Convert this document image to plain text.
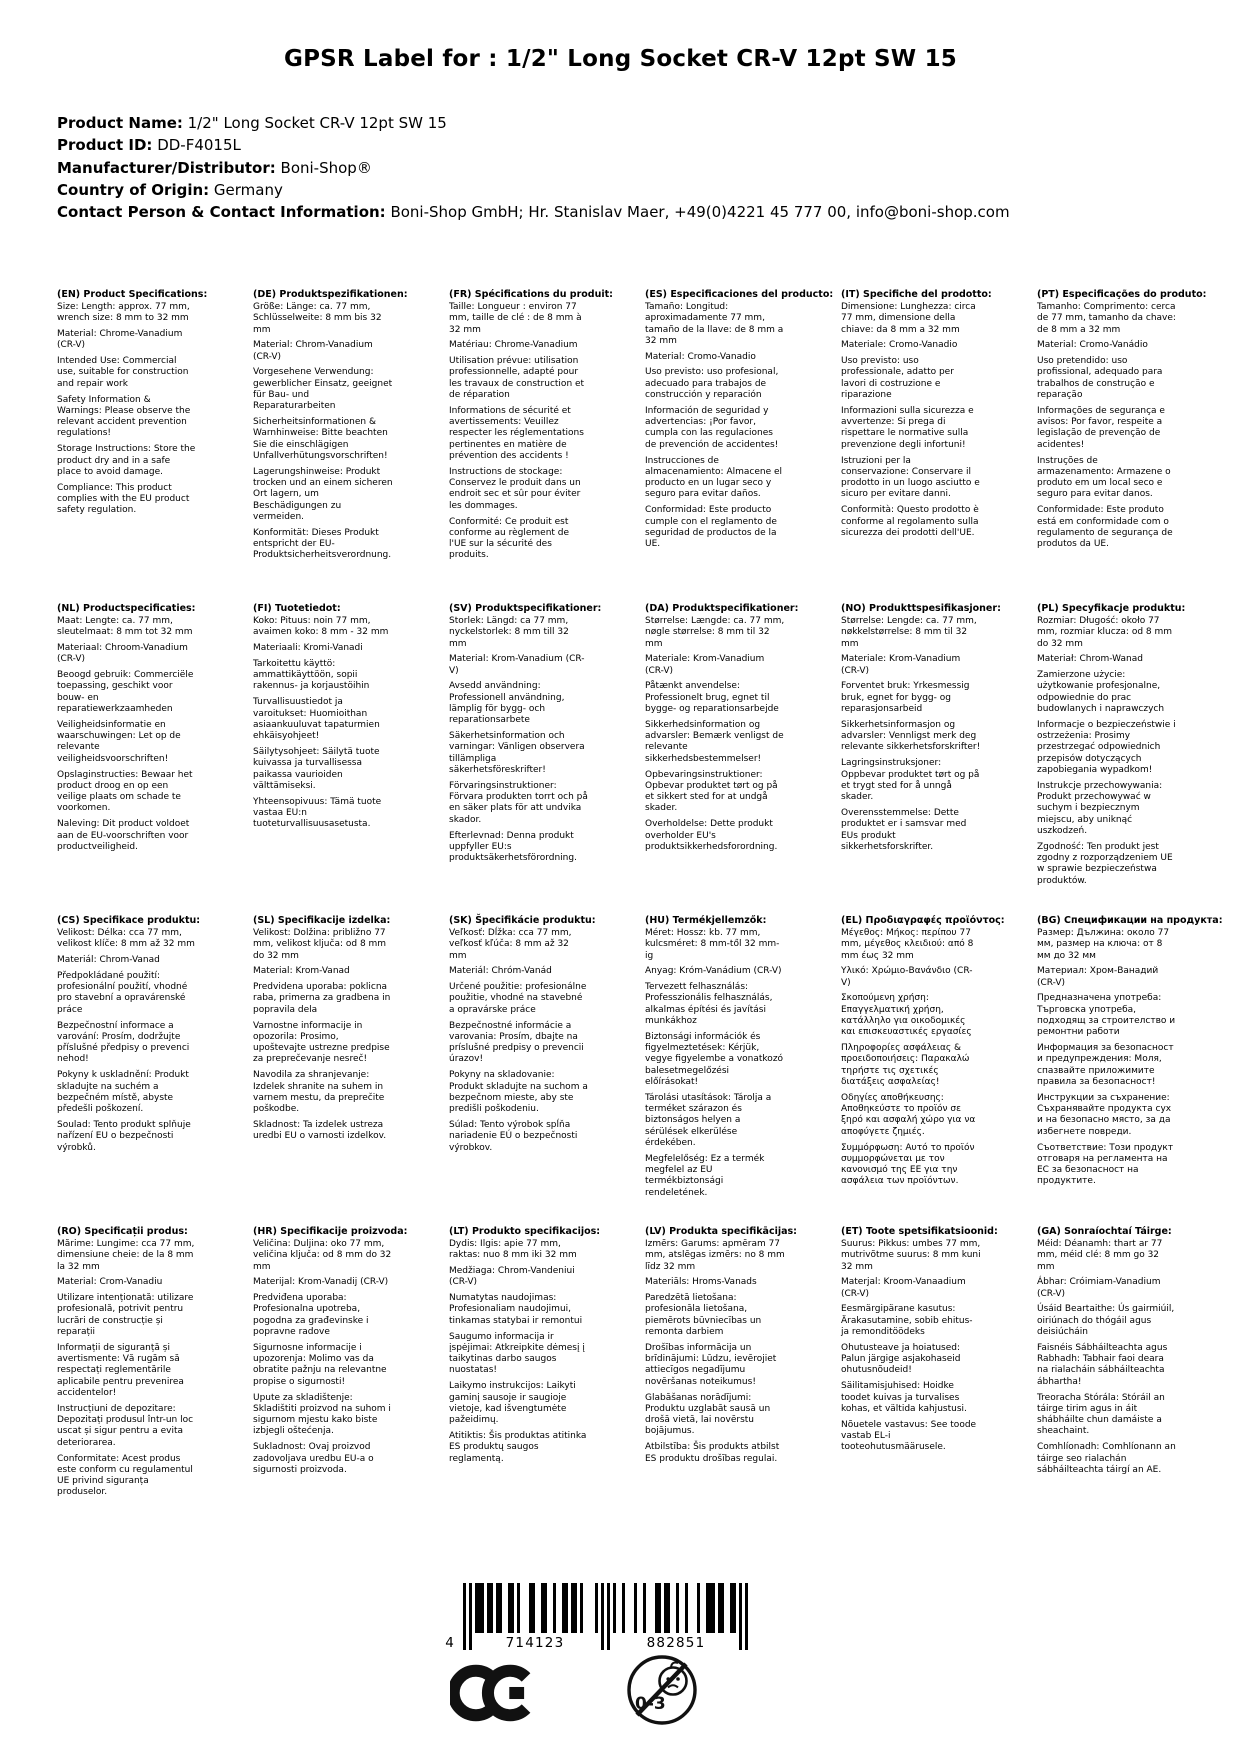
GPSR Label for : 1/2" Long Socket CR-V 12pt SW 15
Product Name: 1/2" Long Socket CR-V 12pt SW 15
Product ID: DD-F4015L
Manufacturer/Distributor: Boni-Shop®
Country of Origin: Germany
Contact Person & Contact Information: Boni-Shop GmbH; Hr. Stanislav Maer, +49(0)4221 45 777 00, info@boni-shop.com
(EN) Product Specifications:

Size: Length: approx. 77 mm, wrench size: 8 mm to 32 mm

Material: Chrome-Vanadium (CR-V)

Intended Use: Commercial use, suitable for construction and repair work

Safety Information & Warnings: Please observe the relevant accident prevention regulations!

Storage Instructions: Store the product dry and in a safe place to avoid damage.

Compliance: This product complies with the EU product safety regulation.

(DE) Produktspezifikationen:

Größe: Länge: ca. 77 mm, Schlüsselweite: 8 mm bis 32 mm

Material: Chrom-Vanadium (CR-V)

Vorgesehene Verwendung: gewerblicher Einsatz, geeignet für Bau- und Reparaturarbeiten

Sicherheitsinformationen & Warnhinweise: Bitte beachten Sie die einschlägigen Unfallverhütungsvorschriften!

Lagerungshinweise: Produkt trocken und an einem sicheren Ort lagern, um Beschädigungen zu vermeiden.

Konformität: Dieses Produkt entspricht der EU-Produktsicherheitsverordnung.

(FR) Spécifications du produit:

Taille: Longueur : environ 77 mm, taille de clé : de 8 mm à 32 mm

Matériau: Chrome-Vanadium

Utilisation prévue: utilisation professionnelle, adapté pour les travaux de construction et de réparation

Informations de sécurité et avertissements: Veuillez respecter les réglementations pertinentes en matière de prévention des accidents !

Instructions de stockage: Conservez le produit dans un endroit sec et sûr pour éviter les dommages.

Conformité: Ce produit est conforme au règlement de l'UE sur la sécurité des produits.

(ES) Especificaciones del producto:

Tamaño: Longitud: aproximadamente 77 mm, tamaño de la llave: de 8 mm a 32 mm

Material: Cromo-Vanadio

Uso previsto: uso profesional, adecuado para trabajos de construcción y reparación

Información de seguridad y advertencias: ¡Por favor, cumpla con las regulaciones de prevención de accidentes!

Instrucciones de almacenamiento: Almacene el producto en un lugar seco y seguro para evitar daños.

Conformidad: Este producto cumple con el reglamento de seguridad de productos de la UE.

(IT) Specifiche del prodotto:

Dimensione: Lunghezza: circa 77 mm, dimensione della chiave: da 8 mm a 32 mm

Materiale: Cromo-Vanadio

Uso previsto: uso professionale, adatto per lavori di costruzione e riparazione

Informazioni sulla sicurezza e avvertenze: Si prega di rispettare le normative sulla prevenzione degli infortuni!

Istruzioni per la conservazione: Conservare il prodotto in un luogo asciutto e sicuro per evitare danni.

Conformità: Questo prodotto è conforme al regolamento sulla sicurezza dei prodotti dell'UE.

(PT) Especificações do produto:

Tamanho: Comprimento: cerca de 77 mm, tamanho da chave: de 8 mm a 32 mm

Material: Cromo-Vanádio

Uso pretendido: uso profissional, adequado para trabalhos de construção e reparação

Informações de segurança e avisos: Por favor, respeite a legislação de prevenção de acidentes!

Instruções de armazenamento: Armazene o produto em um local seco e seguro para evitar danos.

Conformidade: Este produto está em conformidade com o regulamento de segurança de produtos da UE.

(NL) Productspecificaties:

Maat: Lengte: ca. 77 mm, sleutelmaat: 8 mm tot 32 mm

Materiaal: Chroom-Vanadium (CR-V)

Beoogd gebruik: Commerciële toepassing, geschikt voor bouw- en reparatiewerkzaamheden

Veiligheidsinformatie en waarschuwingen: Let op de relevante veiligheidsvoorschriften!

Opslaginstructies: Bewaar het product droog en op een veilige plaats om schade te voorkomen.

Naleving: Dit product voldoet aan de EU-voorschriften voor productveiligheid.

(FI) Tuotetiedot:

Koko: Pituus: noin 77 mm, avaimen koko: 8 mm - 32 mm

Materiaali: Kromi-Vanadi

Tarkoitettu käyttö: ammattikäyttöön, sopii rakennus- ja korjaustöihin

Turvallisuustiedot ja varoitukset: Huomioithan asiaankuuluvat tapaturmien ehkäisyohjeet!

Säilytysohjeet: Säilytä tuote kuivassa ja turvallisessa paikassa vaurioiden välttämiseksi.

Yhteensopivuus: Tämä tuote vastaa EU:n tuoteturvallisuusasetusta.

(SV) Produktspecifikationer:

Storlek: Längd: ca 77 mm, nyckelstorlek: 8 mm till 32 mm

Material: Krom-Vanadium (CR-V)

Avsedd användning: Professionell användning, lämplig för bygg- och reparationsarbete

Säkerhetsinformation och varningar: Vänligen observera tillämpliga säkerhetsföreskrifter!

Förvaringsinstruktioner: Förvara produkten torrt och på en säker plats för att undvika skador.

Efterlevnad: Denna produkt uppfyller EU:s produktsäkerhetsförordning.

(DA) Produktspecifikationer:

Størrelse: Længde: ca. 77 mm, nøgle størrelse: 8 mm til 32 mm

Materiale: Krom-Vanadium (CR-V)

Påtænkt anvendelse: Professionelt brug, egnet til bygge- og reparationsarbejde

Sikkerhedsinformation og advarsler: Bemærk venligst de relevante sikkerhedsbestemmelser!

Opbevaringsinstruktioner: Opbevar produktet tørt og på et sikkert sted for at undgå skader.

Overholdelse: Dette produkt overholder EU's produktsikkerhedsforordning.

(NO) Produkttspesifikasjoner:

Størrelse: Lengde: ca. 77 mm, nøkkelstørrelse: 8 mm til 32 mm

Materiale: Krom-Vanadium (CR-V)

Forventet bruk: Yrkesmessig bruk, egnet for bygg- og reparasjonsarbeid

Sikkerhetsinformasjon og advarsler: Vennligst merk deg relevante sikkerhetsforskrifter!

Lagringsinstruksjoner: Oppbevar produktet tørt og på et trygt sted for å unngå skader.

Overensstemmelse: Dette produktet er i samsvar med EUs produkt sikkerhetsforskrifter.

(PL) Specyfikacje produktu:

Rozmiar: Długość: około 77 mm, rozmiar klucza: od 8 mm do 32 mm

Materiał: Chrom-Wanad

Zamierzone użycie: użytkowanie profesjonalne, odpowiednie do prac budowlanych i naprawczych

Informacje o bezpieczeństwie i ostrzeżenia: Prosimy przestrzegać odpowiednich przepisów dotyczących zapobiegania wypadkom!

Instrukcje przechowywania: Produkt przechowywać w suchym i bezpiecznym miejscu, aby uniknąć uszkodzeń.

Zgodność: Ten produkt jest zgodny z rozporządzeniem UE w sprawie bezpieczeństwa produktów.

(CS) Specifikace produktu:

Velikost: Délka: cca 77 mm, velikost klíče: 8 mm až 32 mm

Materiál: Chrom-Vanad

Předpokládané použití: profesionální použití, vhodné pro stavební a opravárenské práce

Bezpečnostní informace a varování: Prosím, dodržujte příslušné předpisy o prevenci nehod!

Pokyny k uskladnění: Produkt skladujte na suchém a bezpečném místě, abyste předešli poškození.

Soulad: Tento produkt splňuje nařízení EU o bezpečnosti výrobků.

(SL) Specifikacije izdelka:

Velikost: Dolžina: približno 77 mm, velikost ključa: od 8 mm do 32 mm

Material: Krom-Vanad

Predvidena uporaba: poklicna raba, primerna za gradbena in popravila dela

Varnostne informacije in opozorila: Prosimo, upoštevajte ustrezne predpise za preprečevanje nesreč!

Navodila za shranjevanje: Izdelek shranite na suhem in varnem mestu, da preprečite poškodbe.

Skladnost: Ta izdelek ustreza uredbi EU o varnosti izdelkov.

(SK) Špecifikácie produktu:

Veľkosť: Dĺžka: cca 77 mm, veľkosť kľúča: 8 mm až 32 mm

Materiál: Chróm-Vanád

Určené použitie: profesionálne použitie, vhodné na stavebné a opravárske práce

Bezpečnostné informácie a varovania: Prosím, dbajte na príslušné predpisy o prevencii úrazov!

Pokyny na skladovanie: Produkt skladujte na suchom a bezpečnom mieste, aby ste predišli poškodeniu.

Súlad: Tento výrobok spĺňa nariadenie EÚ o bezpečnosti výrobkov.

(HU) Termékjellemzők:

Méret: Hossz: kb. 77 mm, kulcsméret: 8 mm-től 32 mm-ig

Anyag: Króm-Vanádium (CR-V)

Tervezett felhasználás: Professzionális felhasználás, alkalmas építési és javítási munkákhoz

Biztonsági információk és figyelmeztetések: Kérjük, vegye figyelembe a vonatkozó balesetmegelőzési előírásokat!

Tárolási utasítások: Tárolja a terméket szárazon és biztonságos helyen a sérülések elkerülése érdekében.

Megfelelőség: Ez a termék megfelel az EU termékbiztonsági rendeletének.

(EL) Προδιαγραφές προϊόντος:

Μέγεθος: Μήκος: περίπου 77 mm, μέγεθος κλειδιού: από 8 mm έως 32 mm

Υλικό: Χρώμιο-Βανάνδιο (CR-V)

Σκοπούμενη χρήση: Επαγγελματική χρήση, κατάλληλο για οικοδομικές και επισκευαστικές εργασίες

Πληροφορίες ασφάλειας & προειδοποιήσεις: Παρακαλώ τηρήστε τις σχετικές διατάξεις ασφαλείας!

Οδηγίες αποθήκευσης: Αποθηκεύστε το προϊόν σε ξηρό και ασφαλή χώρο για να αποφύγετε ζημιές.

Συμμόρφωση: Αυτό το προϊόν συμμορφώνεται με τον κανονισμό της ΕΕ για την ασφάλεια των προϊόντων.

(BG) Спецификации на продукта:

Размер: Дължина: около 77 мм, размер на ключа: от 8 мм до 32 мм

Материал: Хром-Ванадий (CR-V)

Предназначена употреба: Търговска употреба, подходящ за строителство и ремонтни работи

Информация за безопасност и предупреждения: Моля, спазвайте приложимите правила за безопасност!

Инструкции за съхранение: Съхранявайте продукта сух и на безопасно място, за да избегнете повреди.

Съответствие: Този продукт отговаря на регламента на ЕС за безопасност на продуктите.

(RO) Specificații produs:

Mărime: Lungime: cca 77 mm, dimensiune cheie: de la 8 mm la 32 mm

Material: Crom-Vanadiu

Utilizare intenționată: utilizare profesională, potrivit pentru lucrări de construcție și reparații

Informații de siguranță și avertismente: Vă rugăm să respectați reglementările aplicabile pentru prevenirea accidentelor!

Instrucțiuni de depozitare: Depozitați produsul într-un loc uscat și sigur pentru a evita deteriorarea.

Conformitate: Acest produs este conform cu regulamentul UE privind siguranța produselor.

(HR) Specifikacije proizvoda:

Veličina: Duljina: oko 77 mm, veličina ključa: od 8 mm do 32 mm

Materijal: Krom-Vanadij (CR-V)

Predviđena uporaba: Profesionalna upotreba, pogodna za građevinske i popravne radove

Sigurnosne informacije i upozorenja: Molimo vas da obratite pažnju na relevantne propise o sigurnosti!

Upute za skladištenje: Skladištiti proizvod na suhom i sigurnom mjestu kako biste izbjegli oštećenja.

Sukladnost: Ovaj proizvod zadovoljava uredbu EU-a o sigurnosti proizvoda.

(LT) Produkto specifikacijos:

Dydis: Ilgis: apie 77 mm, raktas: nuo 8 mm iki 32 mm

Medžiaga: Chrom-Vandeniui (CR-V)

Numatytas naudojimas: Profesionaliam naudojimui, tinkamas statybai ir remontui

Saugumo informacija ir įspėjimai: Atkreipkite dėmesį į taikytinas darbo saugos nuostatas!

Laikymo instrukcijos: Laikyti gaminį sausoje ir saugioje vietoje, kad išvengtumėte pažeidimų.

Atitiktis: Šis produktas atitinka ES produktų saugos reglamentą.

(LV) Produkta specifikācijas:

Izmērs: Garums: apmēram 77 mm, atslēgas izmērs: no 8 mm līdz 32 mm

Materiāls: Hroms-Vanads

Paredzētā lietošana: profesionāla lietošana, piemērots būvniecības un remonta darbiem

Drošības informācija un brīdinājumi: Lūdzu, ievērojiet attiecīgos negadījumu novēršanas noteikumus!

Glabāšanas norādījumi: Produktu uzglabāt sausā un drošā vietā, lai novērstu bojājumus.

Atbilstība: Šis produkts atbilst ES produktu drošības regulai.

(ET) Toote spetsifikatsioonid:

Suurus: Pikkus: umbes 77 mm, mutrivõtme suurus: 8 mm kuni 32 mm

Materjal: Kroom-Vanaadium (CR-V)

Eesmärgipärane kasutus: Ärakasutamine, sobib ehitus- ja remonditöödeks

Ohutusteave ja hoiatused: Palun järgige asjakohaseid ohutusnõudeid!

Säilitamisjuhised: Hoidke toodet kuivas ja turvalises kohas, et vältida kahjustusi.

Nõuetele vastavus: See toode vastab EL-i tooteohutusmäärusele.

(GA) Sonraíochtaí Táirge:

Méid: Déanamh: thart ar 77 mm, méid clé: 8 mm go 32 mm

Ábhar: Cróimiam-Vanadium (CR-V)

Úsáid Beartaithe: Ús gairmiúil, oiriúnach do thógáil agus deisiúcháin

Faisnéis Sábháilteachta agus Rabhadh: Tabhair faoi deara na rialacháin sábháilteachta ábhartha!

Treoracha Stórála: Stóráil an táirge tirim agus in áit shábháilte chun damáiste a sheachaint.

Comhlíonadh: Comhlíonann an táirge seo rialachán sábháilteachta táirgí an AE.

4	714123	882851
0-3
